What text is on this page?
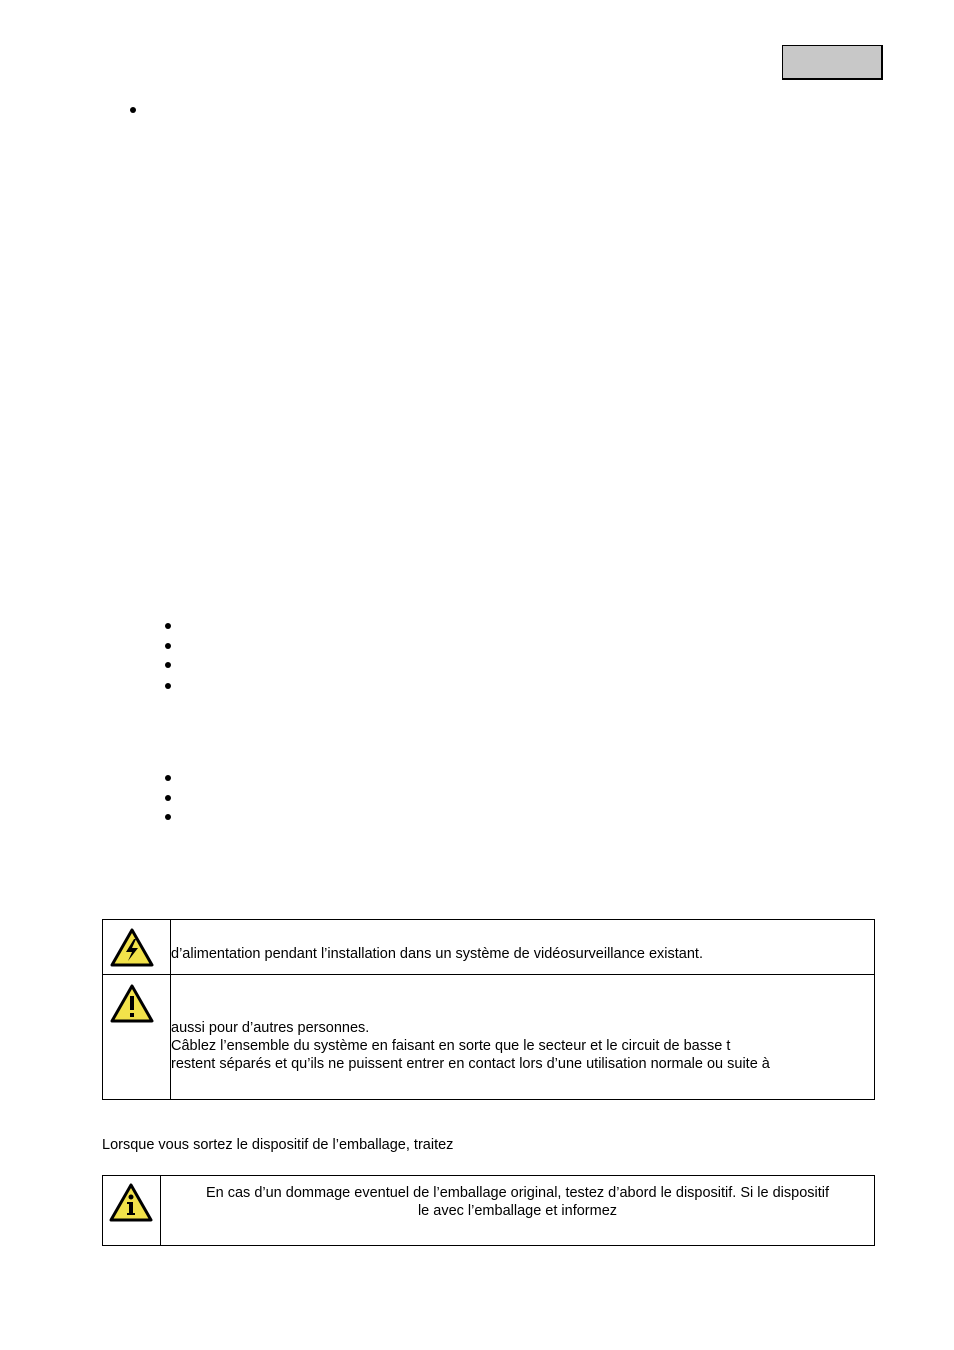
d’alimentation pendant l’installation dans un système de vidéosurveillance existant.

aussi pour d’autres personnes.
Câblez l’ensemble du système en faisant en sorte que le secteur et le circuit de basse t
restent séparés et qu’ils ne puissent entrer en contact lors d’une utilisation normale ou suite à
Lorsque vous sortez le dispositif de l’emballage, traitez

En cas d’un dommage eventuel de l’emballage original, testez d’abord le dispositif. Si le dispositif
le avec l’emballage et informez
